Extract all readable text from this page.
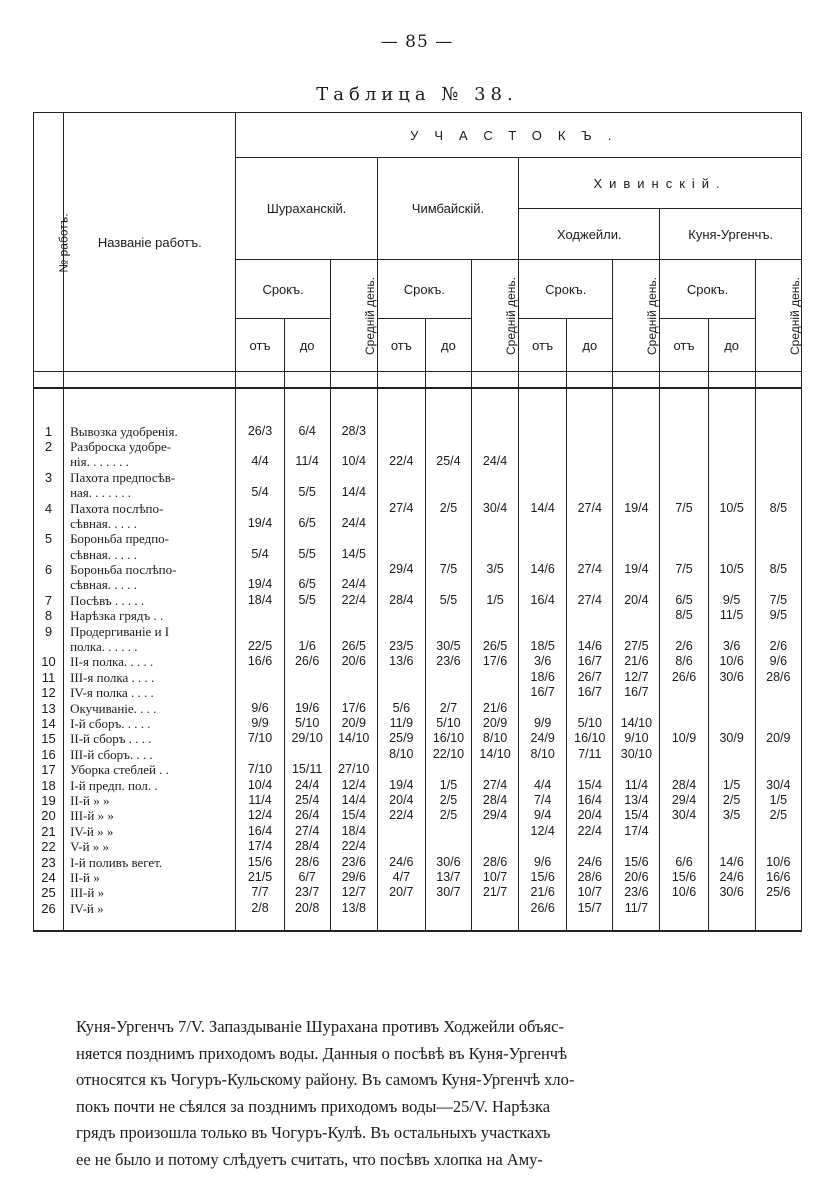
— 85 —
Таблица № 38.
№ работъ.	Названіе работъ.	УЧАСТОКЪ.											
		Шураханскій.			Чимбайскій.			Хивинскій.					
								Ходжейли.			Куня-Ургенчъ.		
		Срокъ.		Средній день.	Срокъ.		Средній день.	Срокъ.		Средній день.	Срокъ.		Средній день.
		отъ	до		отъ	до		отъ	до		отъ	до	

1	Вывозка удобренія.	26/3	6/4	28/3									
2	Разброска удобре-												
	нія. . . . . . .	4/4	11/4	10/4	22/4	25/4	24/4						
3	Пахота предпосѣв-												
	ная. . . . . . .	5/4	5/5	14/4									
4	Пахота послѣпо-				27/4	2/5	30/4	14/4	27/4	19/4	7/5	10/5	8/5
	сѣвная. . . . .	19/4	6/5	24/4									
5	Бороньба предпо-												
	сѣвная. . . . .	5/4	5/5	14/5									
6	Бороньба послѣпо-				29/4	7/5	3/5	14/6	27/4	19/4	7/5	10/5	8/5
	сѣвная. . . . .	19/4	6/5	24/4									
7	Посѣвъ . . . . .	18/4	5/5	22/4	28/4	5/5	1/5	16/4	27/4	20/4	6/5	9/5	7/5
8	Нарѣзка грядъ . .										8/5	11/5	9/5
9	Продергиваніе и I												
	полка. . . . . .	22/5	1/6	26/5	23/5	30/5	26/5	18/5	14/6	27/5	2/6	3/6	2/6
10	II-я полка. . . . .	16/6	26/6	20/6	13/6	23/6	17/6	3/6	16/7	21/6	8/6	10/6	9/6
11	III-я полка . . . .							18/6	26/7	12/7	26/6	30/6	28/6
12	IV-я полка . . . .							16/7	16/7	16/7			
13	Окучиваніе. . . .	9/6	19/6	17/6	5/6	2/7	21/6						
14	I-й сборъ. . . . .	9/9	5/10	20/9	11/9	5/10	20/9	9/9	5/10	14/10			
15	II-й сборъ . . . .	7/10	29/10	14/10	25/9	16/10	8/10	24/9	16/10	9/10	10/9	30/9	20/9
16	III-й сборъ. . . .				8/10	22/10	14/10	8/10	7/11	30/10			
17	Уборка стеблей . .	7/10	15/11	27/10									
18	I-й предп. пол. .	10/4	24/4	12/4	19/4	1/5	27/4	4/4	15/4	11/4	28/4	1/5	30/4
19	II-й » »	11/4	25/4	14/4	20/4	2/5	28/4	7/4	16/4	13/4	29/4	2/5	1/5
20	III-й » »	12/4	26/4	15/4	22/4	2/5	29/4	9/4	20/4	15/4	30/4	3/5	2/5
21	IV-й » »	16/4	27/4	18/4				12/4	22/4	17/4			
22	V-й » »	17/4	28/4	22/4									
23	I-й поливъ вегет.	15/6	28/6	23/6	24/6	30/6	28/6	9/6	24/6	15/6	6/6	14/6	10/6
24	II-й »	21/5	6/7	29/6	4/7	13/7	10/7	15/6	28/6	20/6	15/6	24/6	16/6
25	III-й »	7/7	23/7	12/7	20/7	30/7	21/7	21/6	10/7	23/6	10/6	30/6	25/6
26	IV-й »	2/8	20/8	13/8				26/6	15/7	11/7			

Куня-Ургенчъ 7/V. Запаздываніе Шурахана противъ Ходжейли объяс-
няется позднимъ приходомъ воды. Данныя о посѣвѣ въ Куня-Ургенчѣ
относятся къ Чогуръ-Кульскому району. Въ самомъ Куня-Ургенчѣ хло-
покъ почти не сѣялся за позднимъ приходомъ воды—25/V. Нарѣзка
грядъ произошла только въ Чогуръ-Кулѣ. Въ остальныхъ участкахъ
ее не было и потому слѣдуетъ считать, что посѣвъ хлопка на Аму-
